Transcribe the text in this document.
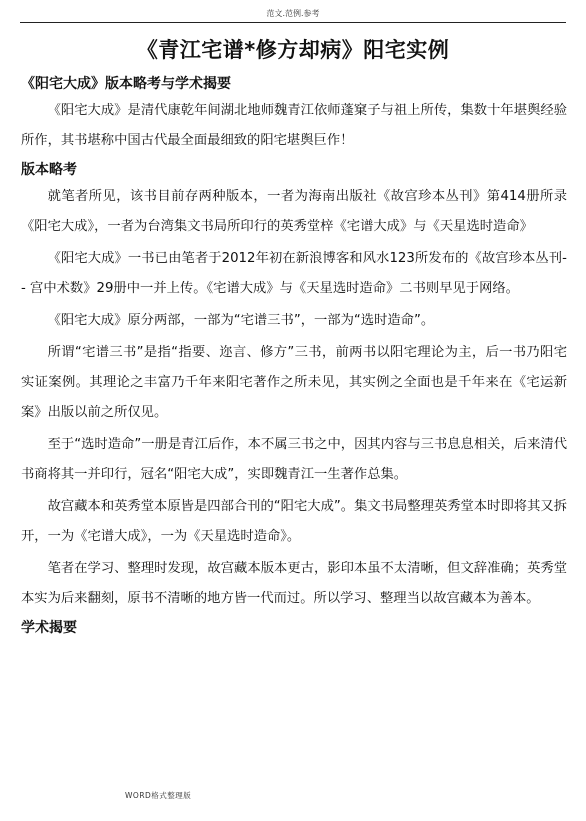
范文.范例.参考
《青江宅谱*修方却病》阳宅实例

《阳宅大成》版本略考与学术揭要

《阳宅大成》是清代康乾年间湖北地师魏青江依师蓬窠子与祖上所传，集数十年堪舆经验所作，其书堪称中国古代最全面最细致的阳宅堪舆巨作！

版本略考

就笔者所见，该书目前存两种版本，一者为海南出版社《故宫珍本丛刊》第414册所录《阳宅大成》，一者为台湾集文书局所印行的英秀堂梓《宅谱大成》与《天星选时造命》

《阳宅大成》一书已由笔者于2012年初在新浪博客和风水123所发布的《故宫珍本丛刊-- 宫中术数》29册中一并上传。《宅谱大成》与《天星选时造命》二书则早见于网络。

《阳宅大成》原分两部，一部为“宅谱三书”，一部为“选时造命”。

所谓“宅谱三书”是指“指要、迩言、修方”三书，前两书以阳宅理论为主，后一书乃阳宅实证案例。其理论之丰富乃千年来阳宅著作之所未见，其实例之全面也是千年来在《宅运新案》出版以前之所仅见。

至于“选时造命”一册是青江后作，本不属三书之中，因其内容与三书息息相关，后来清代书商将其一并印行，冠名“阳宅大成”，实即魏青江一生著作总集。

故宫藏本和英秀堂本原皆是四部合刊的“阳宅大成”。集文书局整理英秀堂本时即将其又拆开，一为《宅谱大成》，一为《天星选时造命》。

笔者在学习、整理时发现，故宫藏本版本更古，影印本虽不太清晰，但文辞准确；英秀堂本实为后来翻刻，原书不清晰的地方皆一代而过。所以学习、整理当以故宫藏本为善本。

学术揭要

WORD格式整理版
